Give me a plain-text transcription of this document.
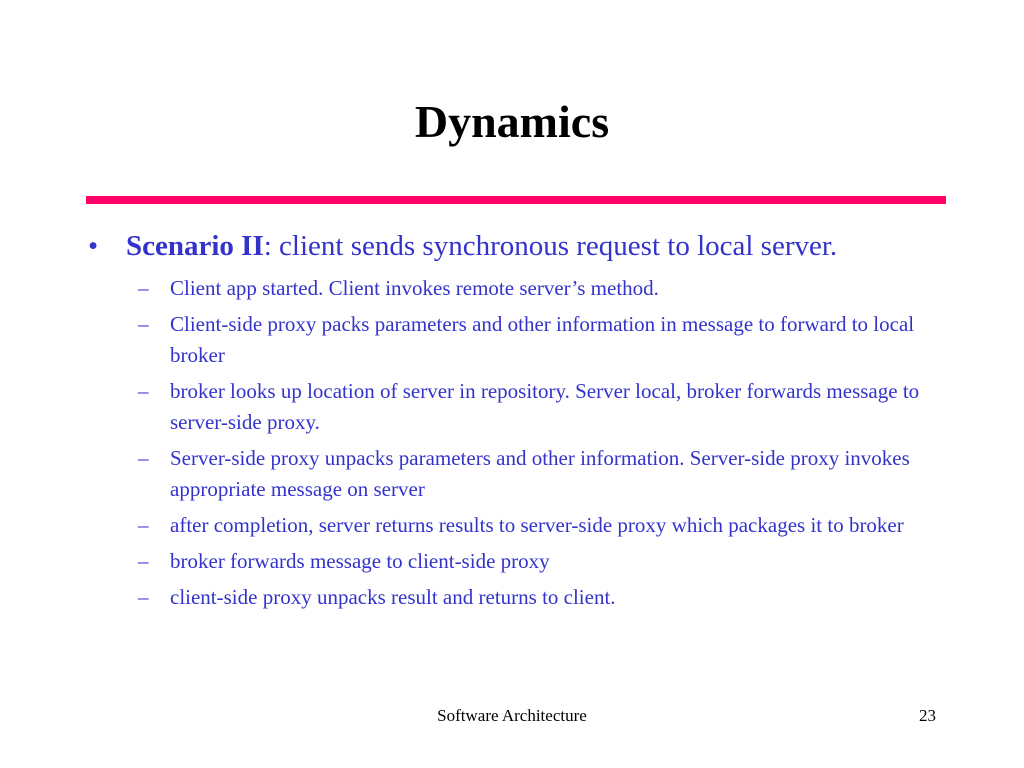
Dynamics
• Scenario II: client sends synchronous request to local server.
– Client app started. Client invokes remote server’s method.
– Client-side proxy packs parameters and other information in message to forward to local broker
– broker looks up location of server in repository. Server local, broker forwards message to server-side proxy.
– Server-side proxy unpacks parameters and other information. Server-side proxy invokes appropriate message on server
– after completion, server returns results to server-side proxy which packages it to broker
– broker forwards message to client-side proxy
– client-side proxy unpacks result and returns to client.
Software Architecture	23
